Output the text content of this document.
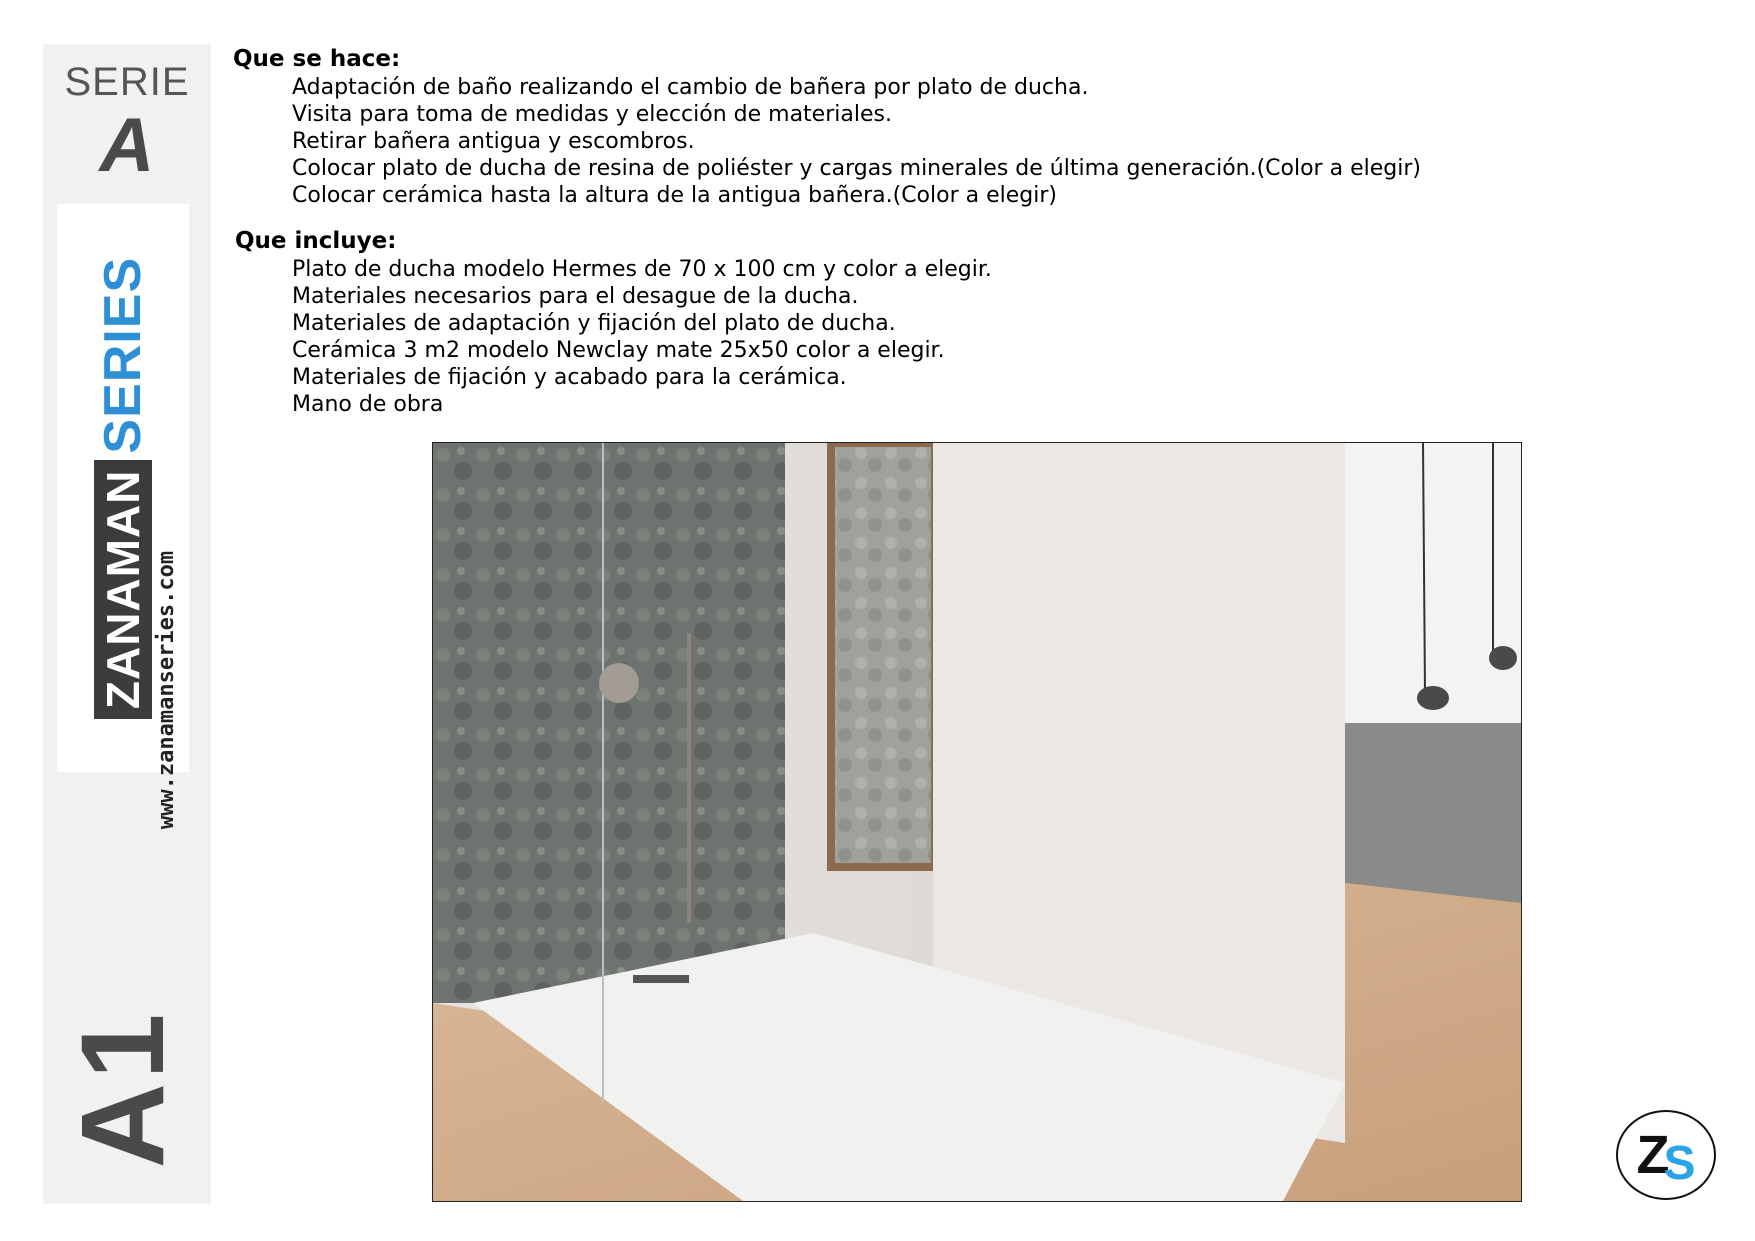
SERIE
A
ZANAMAN
SERIES
www.zanamanseries.com
A1
Que se hace:
Adaptación de baño realizando el cambio de bañera por plato de ducha.
Visita para toma de medidas y elección de materiales.
Retirar bañera antigua y escombros.
Colocar plato de ducha de resina de poliéster y cargas minerales de última generación.(Color a elegir)
Colocar cerámica hasta la altura de la antigua bañera.(Color a elegir)
Que incluye:
Plato de ducha modelo Hermes de 70 x 100 cm y color a elegir.
Materiales necesarios para el desague de la ducha.
Materiales de adaptación y fijación del plato de ducha.
Cerámica 3 m2 modelo Newclay mate 25x50 color a elegir.
Materiales de fijación y acabado para la cerámica.
Mano de obra
Z
S
